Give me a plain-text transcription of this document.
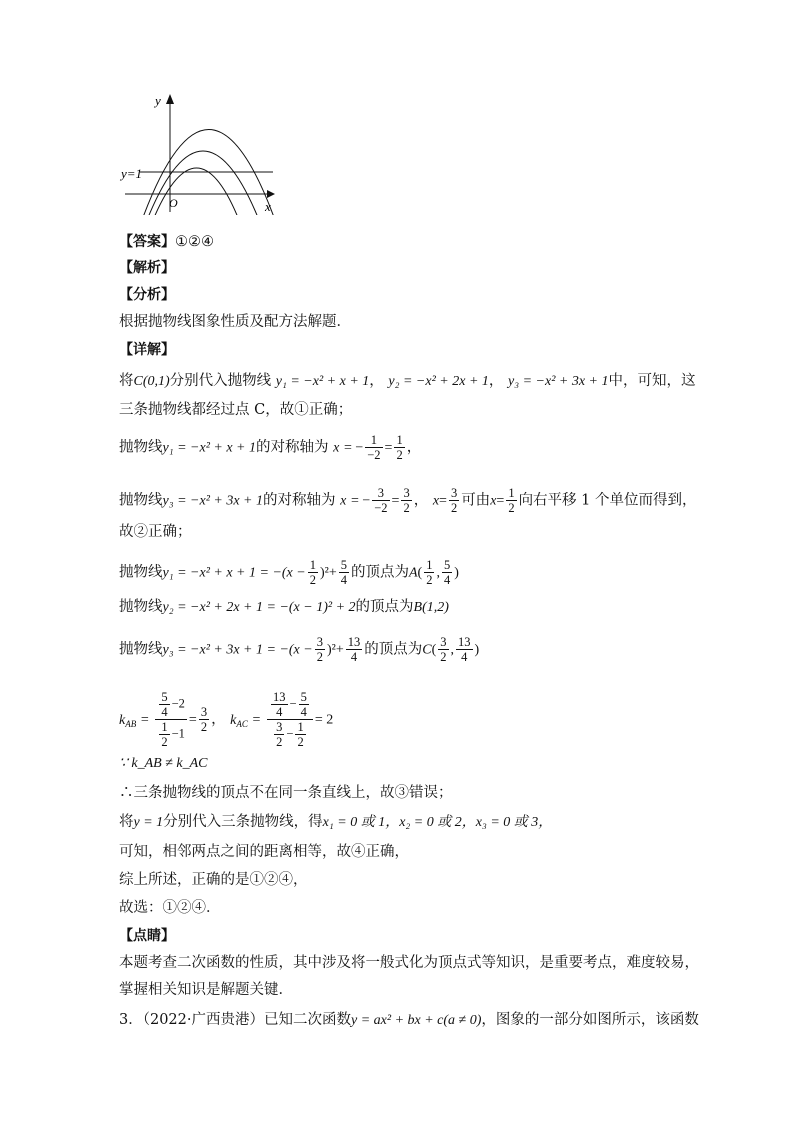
y
x
O
y=1
【答案】①②④
【解析】
【分析】
根据抛物线图象性质及配方法解题．
【详解】
将C(0,1)分别代入抛物线 y₁ = −x² + x + 1， y₂ = −x² + 2x + 1， y₃ = −x² + 3x + 1中，可知，这
三条抛物线都经过点 C，故①正确；
抛物线y₁ = −x² + x + 1的对称轴为 x = − $\frac{1}{-2} = \frac{1}{2}$ ，
抛物线y₃ = −x² + 3x + 1的对称轴为 x = − $\frac{3}{-2} = \frac{3}{2}$ ， $x= \frac{3}{2}$ 可由$x= \frac{1}{2}$ 向右平移 1 个单位而得到，
故②正确；
抛物线$y_1 = -x^2 + x + 1 = -(x - \frac{1}{2} )^2+ \frac{5}{4}$ 的顶点为$A( \frac{1}{2}$ , $\frac{5}{4}$ )
抛物线y₂ = −x² + 2x + 1 = −(x − 1)² + 2的顶点为B(1,2)
抛物线$y_3 = -x^2 + 3x + 1 = -(x - \frac{3}{2} )^2+ \frac{13}{4}$ 的顶点为$C( \frac{3}{2}$ , $\frac{13}{4}$ )
$k_{AB} = \frac{\frac{5}{4} -2}{\frac{1}{2} -1} = \frac{3}{2}$ ， $k_{AC} = \frac{\frac{13}{4} - \frac{5}{4}}{\frac{3}{2} - \frac{1}{2}} = 2$
∵ k_AB ≠ k_AC
∴三条抛物线的顶点不在同一条直线上，故③错误；
将y = 1分别代入三条抛物线，得x₁ = 0 或 1，x₂ = 0 或 2，x₃ = 0 或 3，
可知，相邻两点之间的距离相等，故④正确，
综上所述，正确的是①②④，
故选：①②④．
【点睛】
本题考查二次函数的性质，其中涉及将一般式化为顶点式等知识，是重要考点，难度较易，
掌握相关知识是解题关键．
3．（2022·广西贵港）已知二次函数y = ax² + bx + c(a ≠ 0)，图象的一部分如图所示，该函数
